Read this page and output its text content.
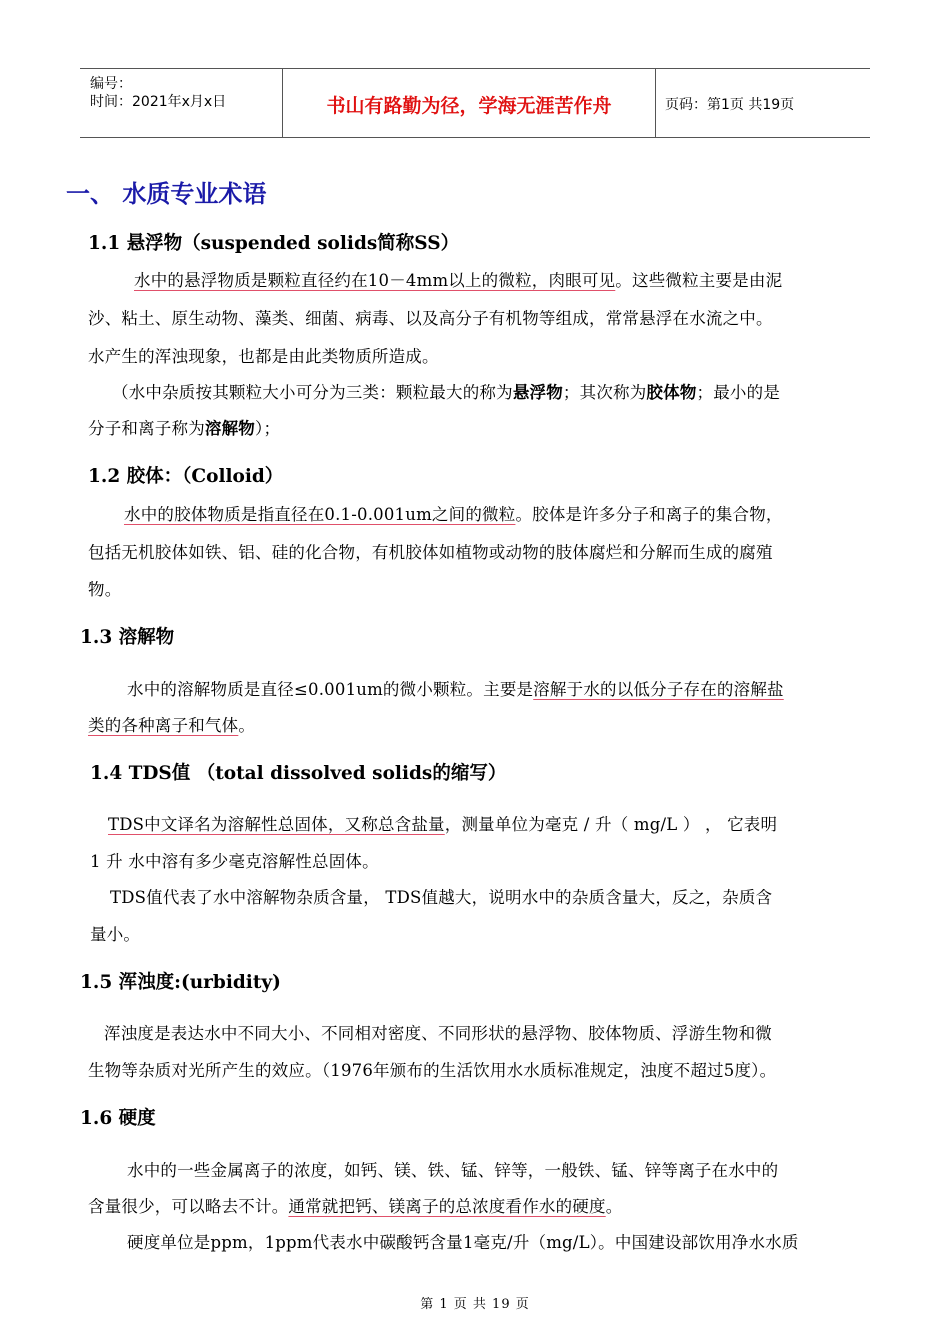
编号：
时间：2021年x月x日	书山有路勤为径，学海无涯苦作舟	页码：第1页 共19页
一、 水质专业术语
1.1 悬浮物（suspended solids简称SS）
水中的悬浮物质是颗粒直径约在10－4mm以上的微粒，肉眼可见。这些微粒主要是由泥
沙、粘土、原生动物、藻类、细菌、病毒、以及高分子有机物等组成，常常悬浮在水流之中。
水产生的浑浊现象，也都是由此类物质所造成。
（水中杂质按其颗粒大小可分为三类：颗粒最大的称为悬浮物；其次称为胶体物；最小的是
分子和离子称为溶解物）；
1.2 胶体：（Colloid）
水中的胶体物质是指直径在0.1-0.001um之间的微粒。胶体是许多分子和离子的集合物，
包括无机胶体如铁、铝、硅的化合物，有机胶体如植物或动物的肢体腐烂和分解而生成的腐殖
物。
1.3 溶解物
水中的溶解物质是直径≤0.001um的微小颗粒。主要是溶解于水的以低分子存在的溶解盐
类的各种离子和气体。
1.4 TDS值 （total dissolved solids的缩写）
TDS中文译名为溶解性总固体，又称总含盐量，测量单位为毫克 / 升（ mg/L ） ， 它表明
1 升 水中溶有多少毫克溶解性总固体。
TDS值代表了水中溶解物杂质含量， TDS值越大，说明水中的杂质含量大，反之，杂质含
量小。
1.5 浑浊度:(urbidity)
浑浊度是表达水中不同大小、不同相对密度、不同形状的悬浮物、胶体物质、浮游生物和微
生物等杂质对光所产生的效应。（1976年颁布的生活饮用水水质标准规定，浊度不超过5度）。
1.6 硬度
水中的一些金属离子的浓度，如钙、镁、铁、锰、锌等，一般铁、锰、锌等离子在水中的
含量很少，可以略去不计。通常就把钙、镁离子的总浓度看作水的硬度。
硬度单位是ppm，1ppm代表水中碳酸钙含量1毫克/升（mg/L）。中国建设部饮用净水水质
第 1 页 共 19 页
